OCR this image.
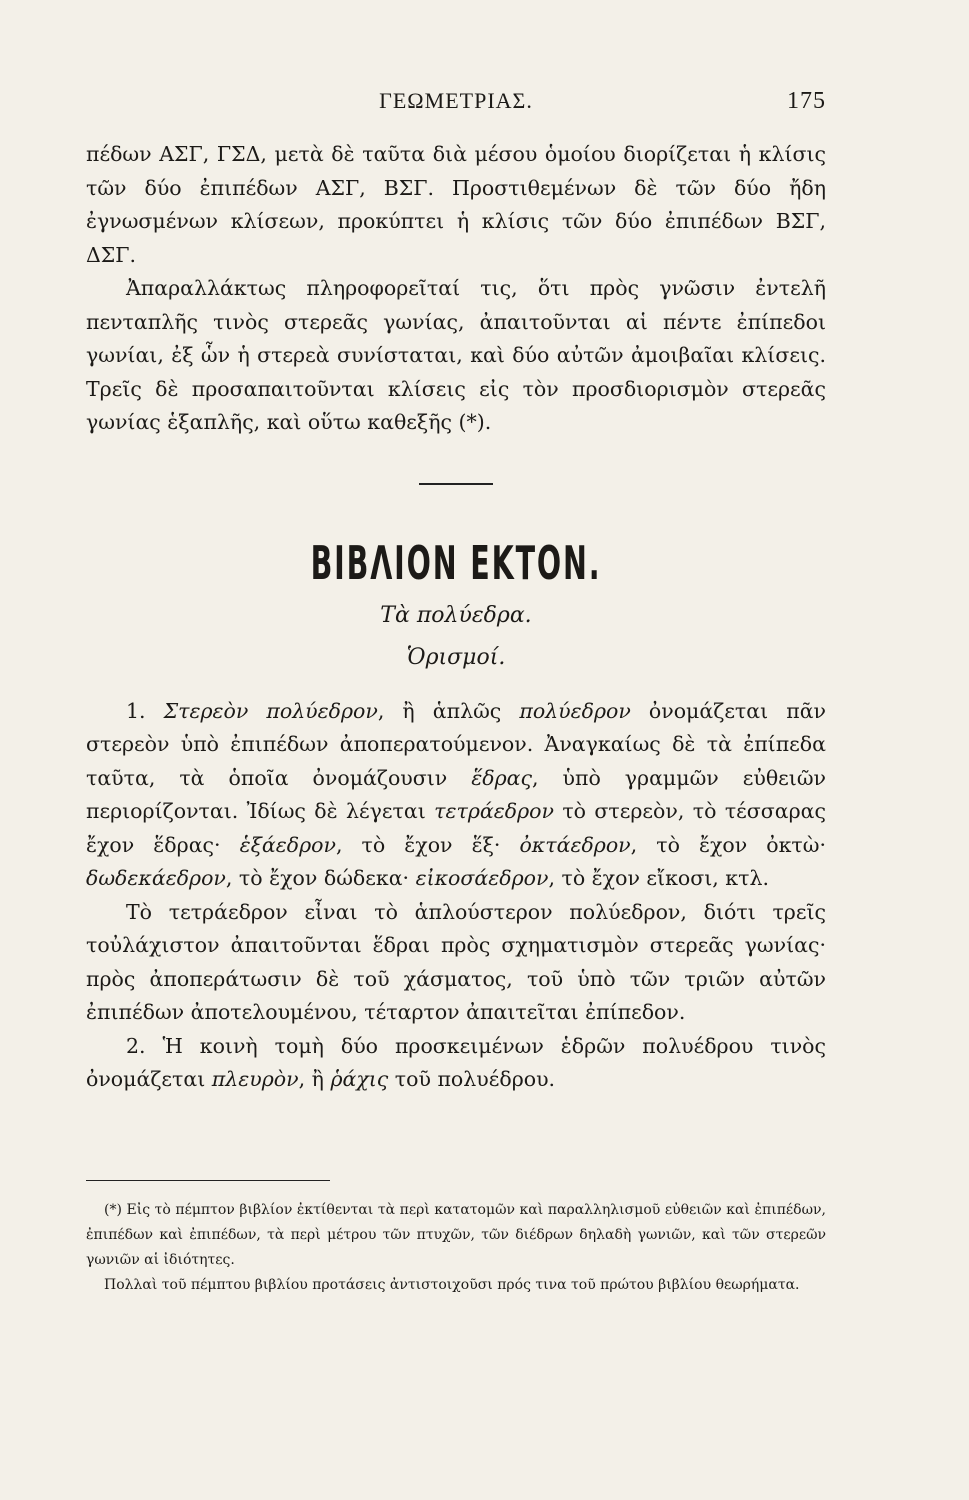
ΓΕΩΜΕΤΡΙΑΣ.	175

πέδων ΑΣΓ, ΓΣΔ, μετὰ δὲ ταῦτα διὰ μέσου ὁμοίου διορίζεται ἡ κλίσις τῶν δύο ἐπιπέδων ΑΣΓ, ΒΣΓ. Προστιθεμένων δὲ τῶν δύο ἤδη ἐγνωσμένων κλίσεων, προκύπτει ἡ κλίσις τῶν δύο ἐπιπέδων ΒΣΓ, ΔΣΓ.

Ἀπαραλλάκτως πληροφορεῖταί τις, ὅτι πρὸς γνῶσιν ἐντελῆ πενταπλῆς τινὸς στερεᾶς γωνίας, ἀπαιτοῦνται αἱ πέντε ἐπίπεδοι γωνίαι, ἐξ ὧν ἡ στερεὰ συνίσταται, καὶ δύο αὐτῶν ἀμοιβαῖαι κλίσεις. Τρεῖς δὲ προσαπαιτοῦνται κλίσεις εἰς τὸν προσδιορισμὸν στερεᾶς γωνίας ἑξαπλῆς, καὶ οὕτω καθεξῆς (*).

ΒΙΒΛΙΟΝ ΕΚΤΟΝ.
Τὰ πολύεδρα.
Ὁρισμοί.

1. Στερεὸν πολύεδρον, ἢ ἁπλῶς πολύεδρον ὀνομάζεται πᾶν στερεὸν ὑπὸ ἐπιπέδων ἀποπερατούμενον. Ἀναγκαίως δὲ τὰ ἐπίπεδα ταῦτα, τὰ ὁποῖα ὀνομάζουσιν ἕδρας, ὑπὸ γραμμῶν εὐθειῶν περιορίζονται. Ἰδίως δὲ λέγεται τετράεδρον τὸ στερεὸν, τὸ τέσσαρας ἔχον ἕδρας· ἑξάεδρον, τὸ ἔχον ἕξ· ὀκτάεδρον, τὸ ἔχον ὀκτὼ· δωδεκάεδρον, τὸ ἔχον δώδεκα· εἰκοσάεδρον, τὸ ἔχον εἴκοσι, κτλ.

Τὸ τετράεδρον εἶναι τὸ ἁπλούστερον πολύεδρον, διότι τρεῖς τοὐλάχιστον ἀπαιτοῦνται ἕδραι πρὸς σχηματισμὸν στερεᾶς γωνίας· πρὸς ἀποπεράτωσιν δὲ τοῦ χάσματος, τοῦ ὑπὸ τῶν τριῶν αὐτῶν ἐπιπέδων ἀποτελουμένου, τέταρτον ἀπαιτεῖται ἐπίπεδον.

2. Ἡ κοινὴ τομὴ δύο προσκειμένων ἑδρῶν πολυέδρου τινὸς ὀνομάζεται πλευρὸν, ἢ ῥάχις τοῦ πολυέδρου.

(*) Εἰς τὸ πέμπτον βιβλίον ἐκτίθενται τὰ περὶ κατατομῶν καὶ παραλληλισμοῦ εὐθειῶν καὶ ἐπιπέδων, ἐπιπέδων καὶ ἐπιπέδων, τὰ περὶ μέτρου τῶν πτυχῶν, τῶν διέδρων δηλαδὴ γωνιῶν, καὶ τῶν στερεῶν γωνιῶν αἱ ἰδιότητες.

Πολλαὶ τοῦ πέμπτου βιβλίου προτάσεις ἀντιστοιχοῦσι πρός τινα τοῦ πρώτου βιβλίου θεωρήματα.
